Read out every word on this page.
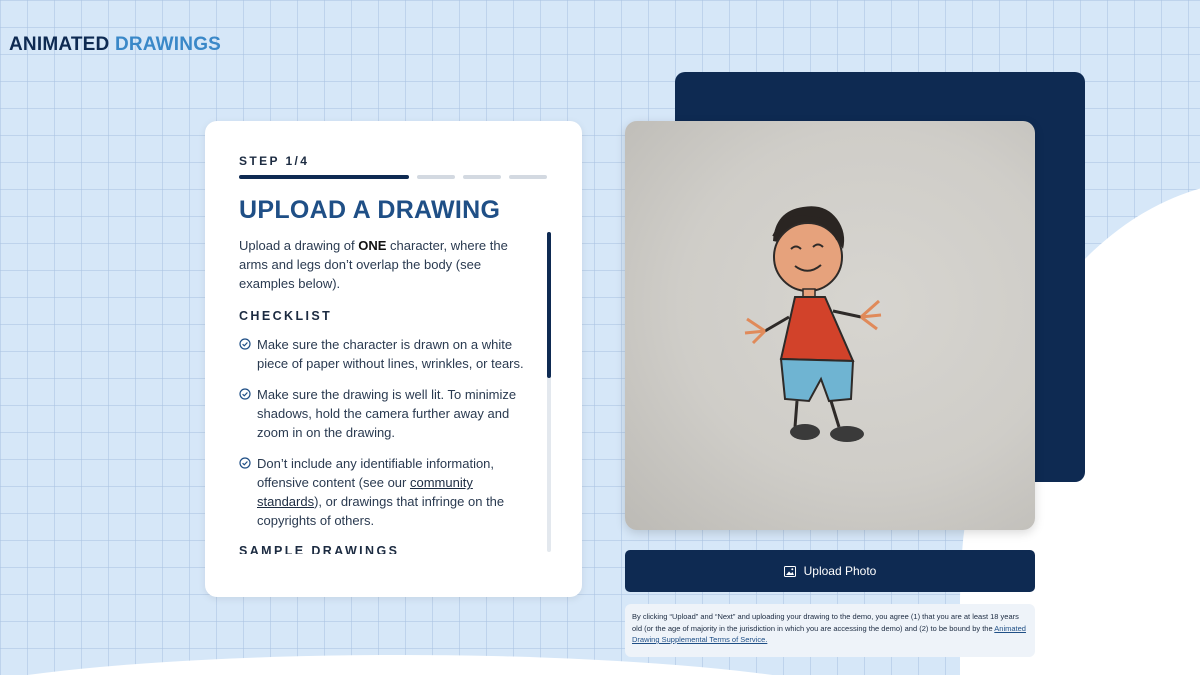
ANIMATED DRAWINGS
STEP 1/4
UPLOAD A DRAWING

Upload a drawing of ONE character, where the arms and legs don’t overlap the body (see examples below).

CHECKLIST
Make sure the character is drawn on a white piece of paper without lines, wrinkles, or tears.
Make sure the drawing is well lit. To minimize shadows, hold the camera further away and zoom in on the drawing.
Don’t include any identifiable information, offensive content (see our community standards), or drawings that infringe on the copyrights of others.
SAMPLE DRAWINGS
Upload Photo
By clicking “Upload” and “Next” and uploading your drawing to the demo, you agree (1) that you are at least 18 years old (or the age of majority in the jurisdiction in which you are accessing the demo) and (2) to be bound by the Animated Drawing Supplemental Terms of Service.
